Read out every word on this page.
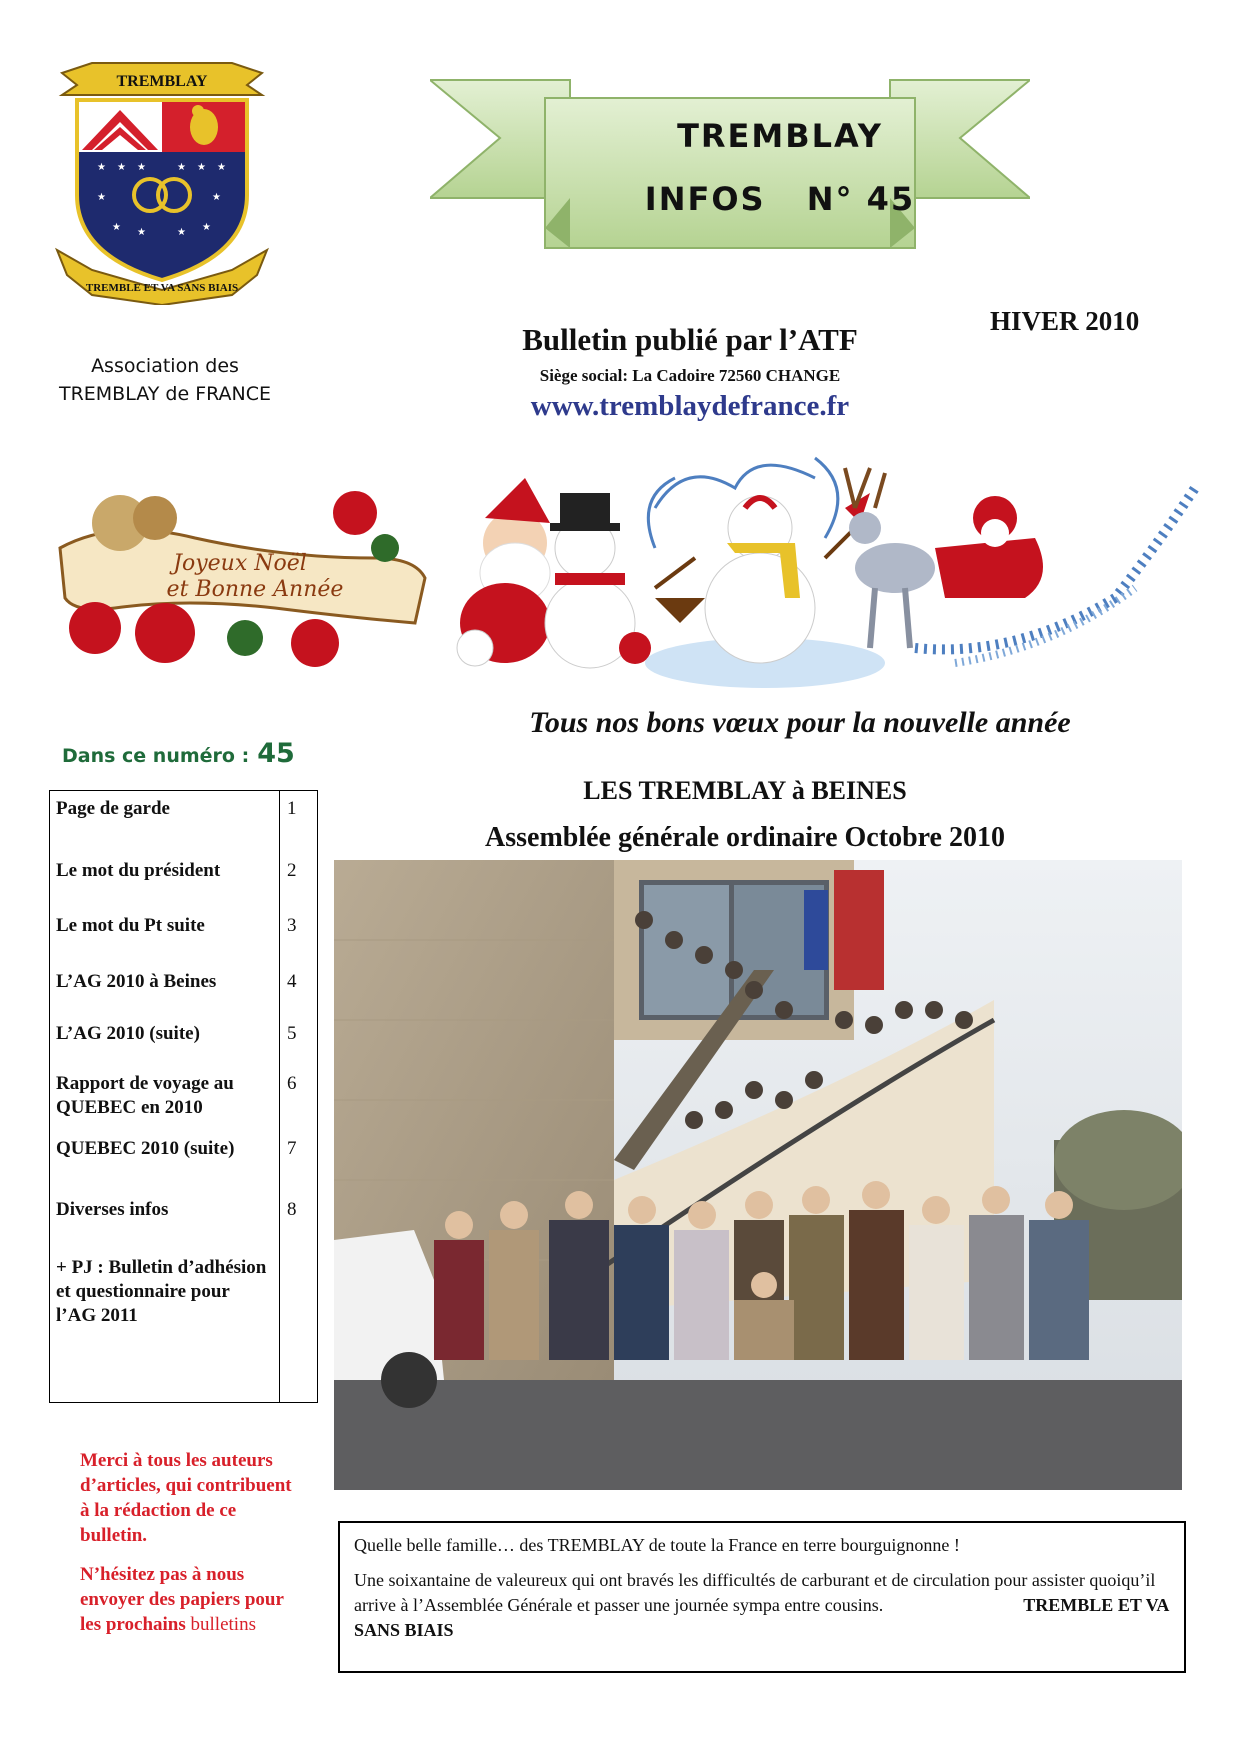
TREMBLAY
★ ★ ★	★ ★ ★
★	★
★ ★	★ ★
TREMBLE ET VA SANS BIAIS
Association des
TREMBLAY de FRANCE
TREMBLAY
INFOS N° 45
HIVER 2010
Bulletin publié par l’ATF
Siège social: La Cadoire 72560 CHANGE
www.tremblaydefrance.fr
Joyeux Noël
et Bonne Année
Tous nos bons vœux pour la nouvelle année
Dans ce numéro : 45
Page de garde	1
Le mot du président	2
Le mot du Pt suite	3
L’AG 2010 à Beines	4
L’AG 2010 (suite)	5
Rapport de voyage au QUEBEC en 2010	6
QUEBEC 2010 (suite)	7
Diverses infos	8
+ PJ : Bulletin d’adhésion et questionnaire pour l’AG 2011	
LES TREMBLAY à BEINES
Assemblée générale ordinaire Octobre 2010

Merci à tous les auteurs d’articles, qui contribuent à la rédaction de ce bulletin.

N’hésitez pas à nous envoyer des papiers pour les prochains bulletins

Quelle belle famille… des TREMBLAY de toute la France en terre bourguignonne !

Une soixantaine de valeureux qui ont bravés les difficultés de carburant et de circulation pour assister quoiqu’il arrive à l’Assemblée Générale et passer une journée sympa entre cousins.	TREMBLE ET VA SANS BIAIS
